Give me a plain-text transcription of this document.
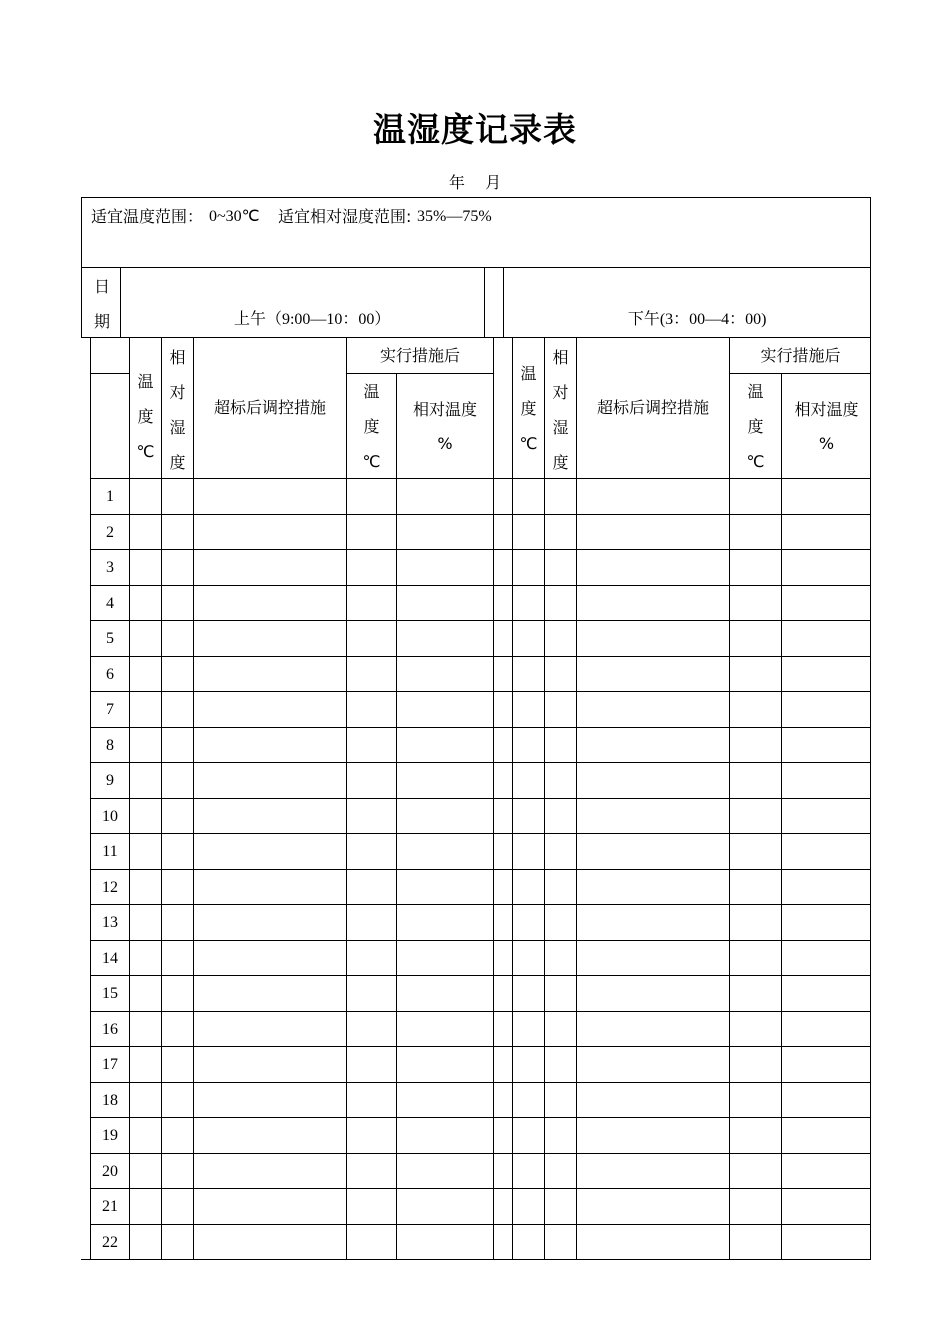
温湿度记录表
年    月
适宜温度范围： 0~30℃ 适宜相对湿度范围: 35%—75%
日
期	上午（9:00—10：00）
	下午(3：00—4：00)

温
度
℃
相
对
湿
度
超标后调控措施
实行措施后
温
度
℃
相对温度
%
温
度
℃
相
对
湿
度
超标后调控措施
实行措施后
温
度
℃
相对温度
%
1
2
3
4
5
6
7
8
9
10
11
12
13
14
15
16
17
18
19
20
21
22
